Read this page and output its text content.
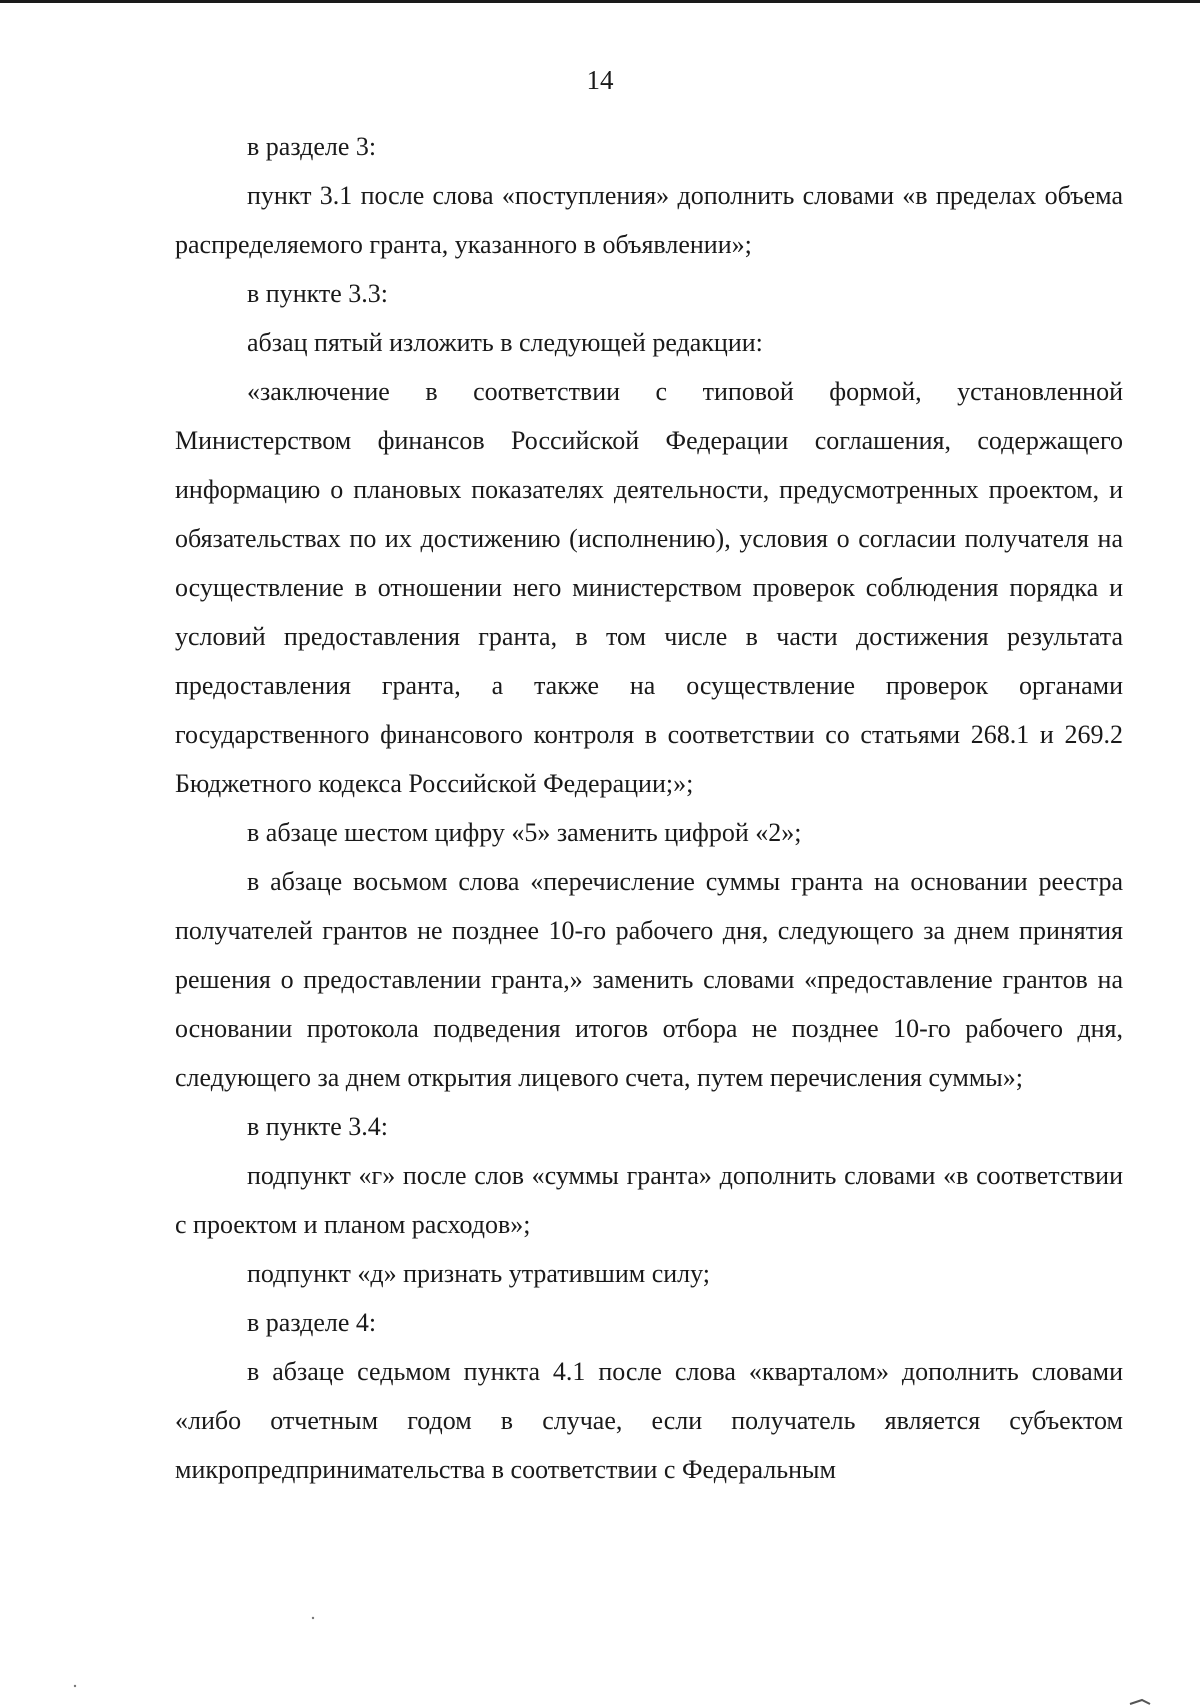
14

в разделе 3:

пункт 3.1 после слова «поступления» дополнить словами «в пределах объема распределяемого гранта, указанного в объявлении»;

в пункте 3.3:

абзац пятый изложить в следующей редакции:

«заключение в соответствии с типовой формой, установленной Министерством финансов Российской Федерации соглашения, содержащего информацию о плановых показателях деятельности, предусмотренных проектом, и обязательствах по их достижению (исполнению), условия о согласии получателя на осуществление в отношении него министерством проверок соблюдения порядка и условий предоставления гранта, в том числе в части достижения результата предоставления гранта, а также на осуществление проверок органами государственного финансового контроля в соответствии со статьями 268.1 и 269.2 Бюджетного кодекса Российской Федерации;»;

в абзаце шестом цифру «5» заменить цифрой «2»;

в абзаце восьмом слова «перечисление суммы гранта на основании реестра получателей грантов не позднее 10-го рабочего дня, следующего за днем принятия решения о предоставлении гранта,» заменить словами «предоставление грантов на основании протокола подведения итогов отбора не позднее 10-го рабочего дня, следующего за днем открытия лицевого счета, путем перечисления суммы»;

в пункте 3.4:

подпункт «г» после слов «суммы гранта» дополнить словами «в соответствии с проектом и планом расходов»;

подпункт «д» признать утратившим силу;

в разделе 4:

в абзаце седьмом пункта 4.1 после слова «кварталом» дополнить словами «либо отчетным годом в случае, если получатель является субъектом микропредпринимательства в соответствии с Федеральным
